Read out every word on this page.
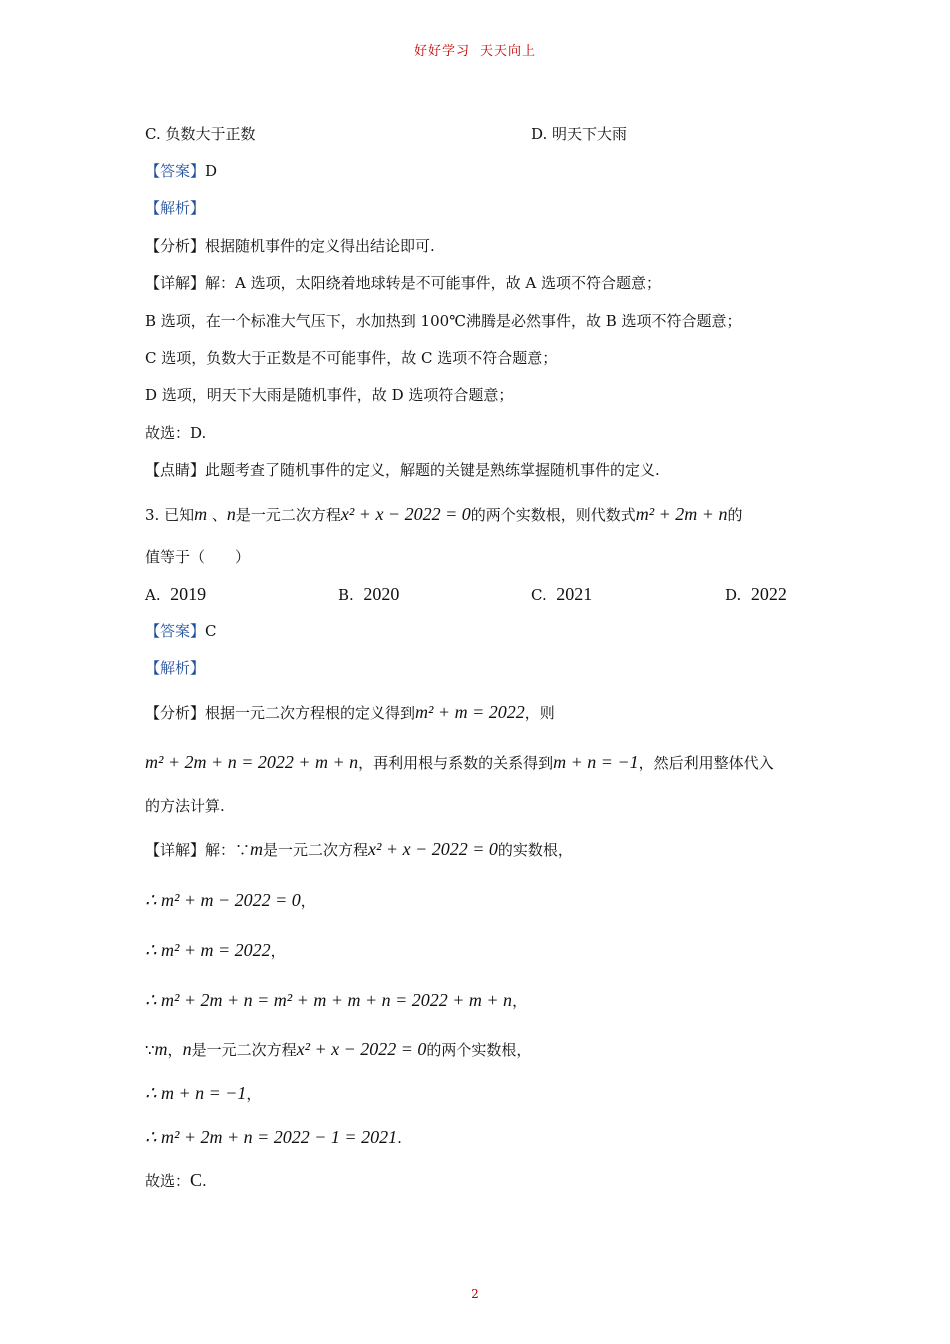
好好学习 天天向上
C. 负数大于正数	D. 明天下大雨
【答案】D
【解析】
【分析】根据随机事件的定义得出结论即可.
【详解】解：A 选项，太阳绕着地球转是不可能事件，故 A 选项不符合题意；
B 选项，在一个标准大气压下，水加热到 100℃沸腾是必然事件，故 B 选项不符合题意；
C 选项，负数大于正数是不可能事件，故 C 选项不符合题意；
D 选项，明天下大雨是随机事件，故 D 选项符合题意；
故选：D.
【点睛】此题考查了随机事件的定义，解题的关键是熟练掌握随机事件的定义.
3. 已知m 、n是一元二次方程x² + x − 2022 = 0的两个实数根，则代数式m² + 2m + n的
值等于（　　）
A. 2019	B. 2020	C. 2021	D. 2022
【答案】C
【解析】
【分析】根据一元二次方程根的定义得到m² + m = 2022，则
m² + 2m + n = 2022 + m + n，再利用根与系数的关系得到m + n = −1，然后利用整体代入
的方法计算.
【详解】解：∵m是一元二次方程x² + x − 2022 = 0的实数根，
∴ m² + m − 2022 = 0，
∴ m² + m = 2022，
∴ m² + 2m + n = m² + m + m + n = 2022 + m + n，
∵m，n是一元二次方程x² + x − 2022 = 0的两个实数根，
∴ m + n = −1，
∴ m² + 2m + n = 2022 − 1 = 2021.
故选：C.
2
